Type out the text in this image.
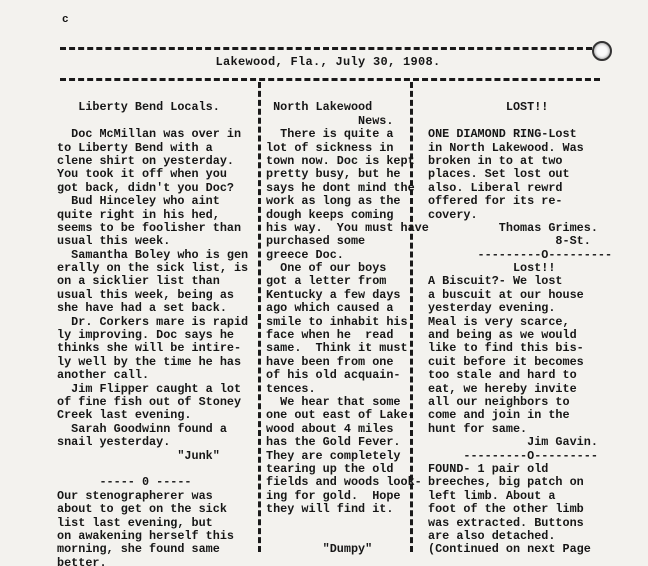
c
Lakewood, Fla., July 30, 1908.
Liberty Bend Locals.
Doc McMillan was over in
to Liberty Bend with a
clene shirt on yesterday.
You took it off when you
got back, didn't you Doc?
Bud Hinceley who aint
quite right in his hed,
seems to be foolisher than
usual this week.
Samantha Boley who is gen
erally on the sick list, is
on a sicklier list than
usual this week, being as
she have had a set back.
Dr. Corkers mare is rapid
ly improving. Doc says he
thinks she will be intire-
ly well by the time he has
another call.
Jim Flipper caught a lot
of fine fish out of Stoney
Creek last evening.
Sarah Goodwinn found a
snail yesterday.
"Junk"
----- 0 -----
Our stenographerer was
about to get on the sick
list last evening, but
on awakening herself this
morning, she found same
better.
North Lakewood
News.
There is quite a
lot of sickness in
town now. Doc is kept
pretty busy, but he
says he dont mind the
work as long as the
dough keeps coming
his way.  You must have
purchased some
greece Doc.
One of our boys
got a letter from
Kentucky a few days
ago which caused a
smile to inhabit his
face when he  read
same.  Think it must
have been from one
of his old acquain-
tences.
We hear that some
one out east of Lake-
wood about 4 miles
has the Gold Fever.
They are completely
tearing up the old
fields and woods look-
ing for gold.  Hope
they will find it.
"Dumpy"
LOST!!
ONE DIAMOND RING-Lost
in North Lakewood. Was
broken in to at two
places. Set lost out
also. Liberal rewrd
offered for its re-
covery.
Thomas Grimes.
8-St.
---------O---------
Lost!!
A Biscuit?- We lost
a buscuit at our house
yesterday evening.
Meal is very scarce,
and being as we would
like to find this bis-
cuit before it becomes
too stale and hard to
eat, we hereby invite
all our neighbors to
come and join in the
hunt for same.
Jim Gavin.
---------O---------
FOUND- 1 pair old
breeches, big patch on
left limb. About a
foot of the other limb
was extracted. Buttons
are also detached.
(Continued on next Page
